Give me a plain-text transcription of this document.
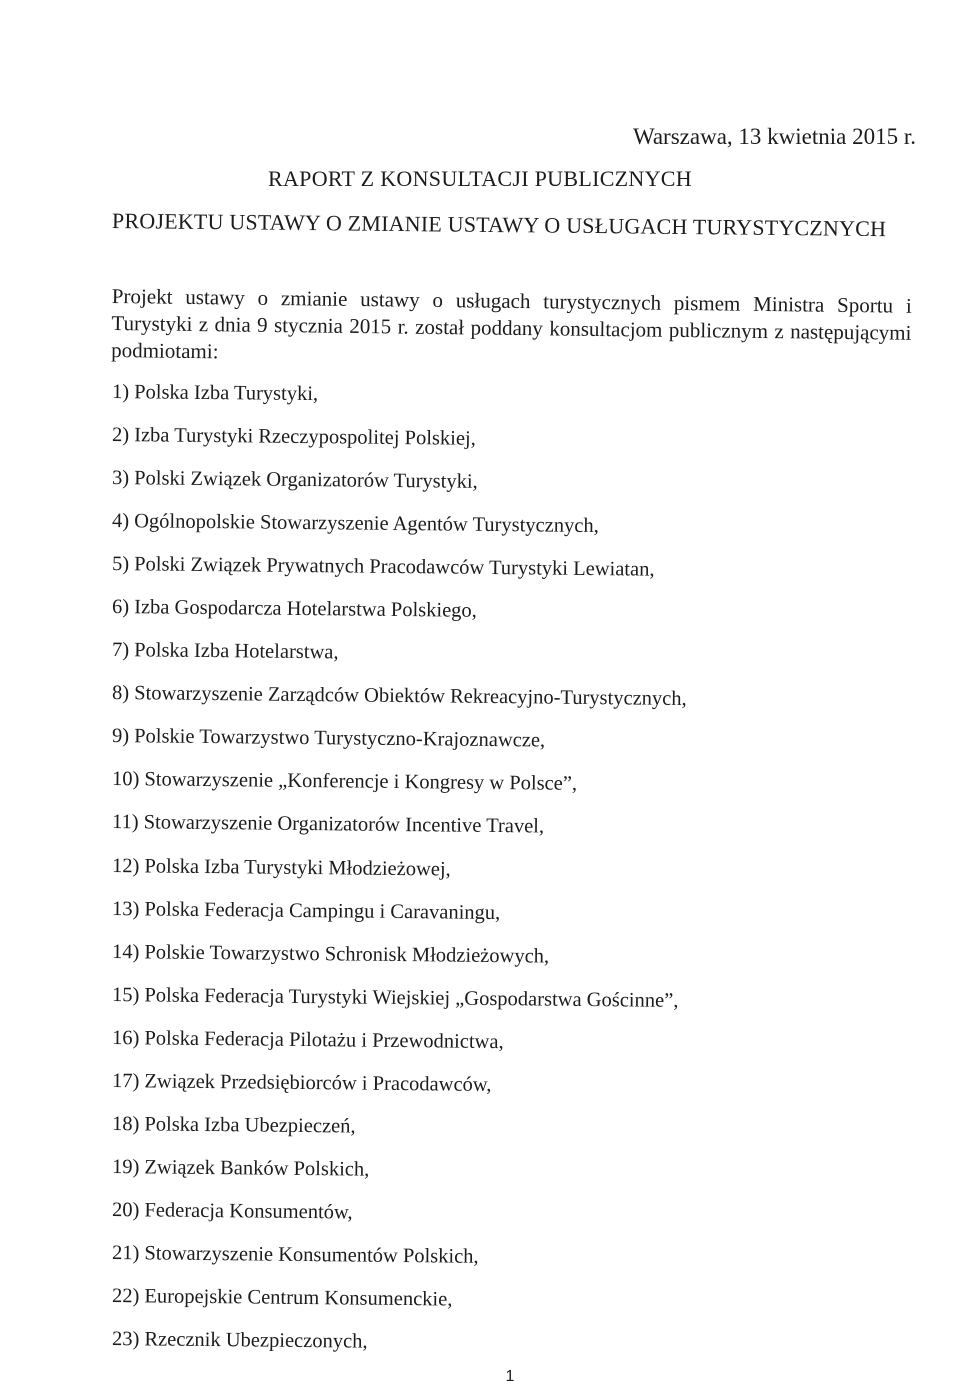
Warszawa, 13 kwietnia 2015 r.
RAPORT Z KONSULTACJI PUBLICZNYCH
PROJEKTU USTAWY O ZMIANIE USTAWY O USŁUGACH TURYSTYCZNYCH
Projekt ustawy o zmianie ustawy o usługach turystycznych pismem Ministra Sportu i Turystyki z dnia 9 stycznia 2015 r. został poddany konsultacjom publicznym z następującymi podmiotami:
1) Polska Izba Turystyki,
2) Izba Turystyki Rzeczypospolitej Polskiej,
3) Polski Związek Organizatorów Turystyki,
4) Ogólnopolskie Stowarzyszenie Agentów Turystycznych,
5) Polski Związek Prywatnych Pracodawców Turystyki Lewiatan,
6) Izba Gospodarcza Hotelarstwa Polskiego,
7) Polska Izba Hotelarstwa,
8) Stowarzyszenie Zarządców Obiektów Rekreacyjno-Turystycznych,
9) Polskie Towarzystwo Turystyczno-Krajoznawcze,
10) Stowarzyszenie „Konferencje i Kongresy w Polsce”,
11) Stowarzyszenie Organizatorów Incentive Travel,
12) Polska Izba Turystyki Młodzieżowej,
13) Polska Federacja Campingu i Caravaningu,
14) Polskie Towarzystwo Schronisk Młodzieżowych,
15) Polska Federacja Turystyki Wiejskiej „Gospodarstwa Gościnne”,
16) Polska Federacja Pilotażu i Przewodnictwa,
17) Związek Przedsiębiorców i Pracodawców,
18) Polska Izba Ubezpieczeń,
19) Związek Banków Polskich,
20) Federacja Konsumentów,
21) Stowarzyszenie Konsumentów Polskich,
22) Europejskie Centrum Konsumenckie,
23) Rzecznik Ubezpieczonych,
1
